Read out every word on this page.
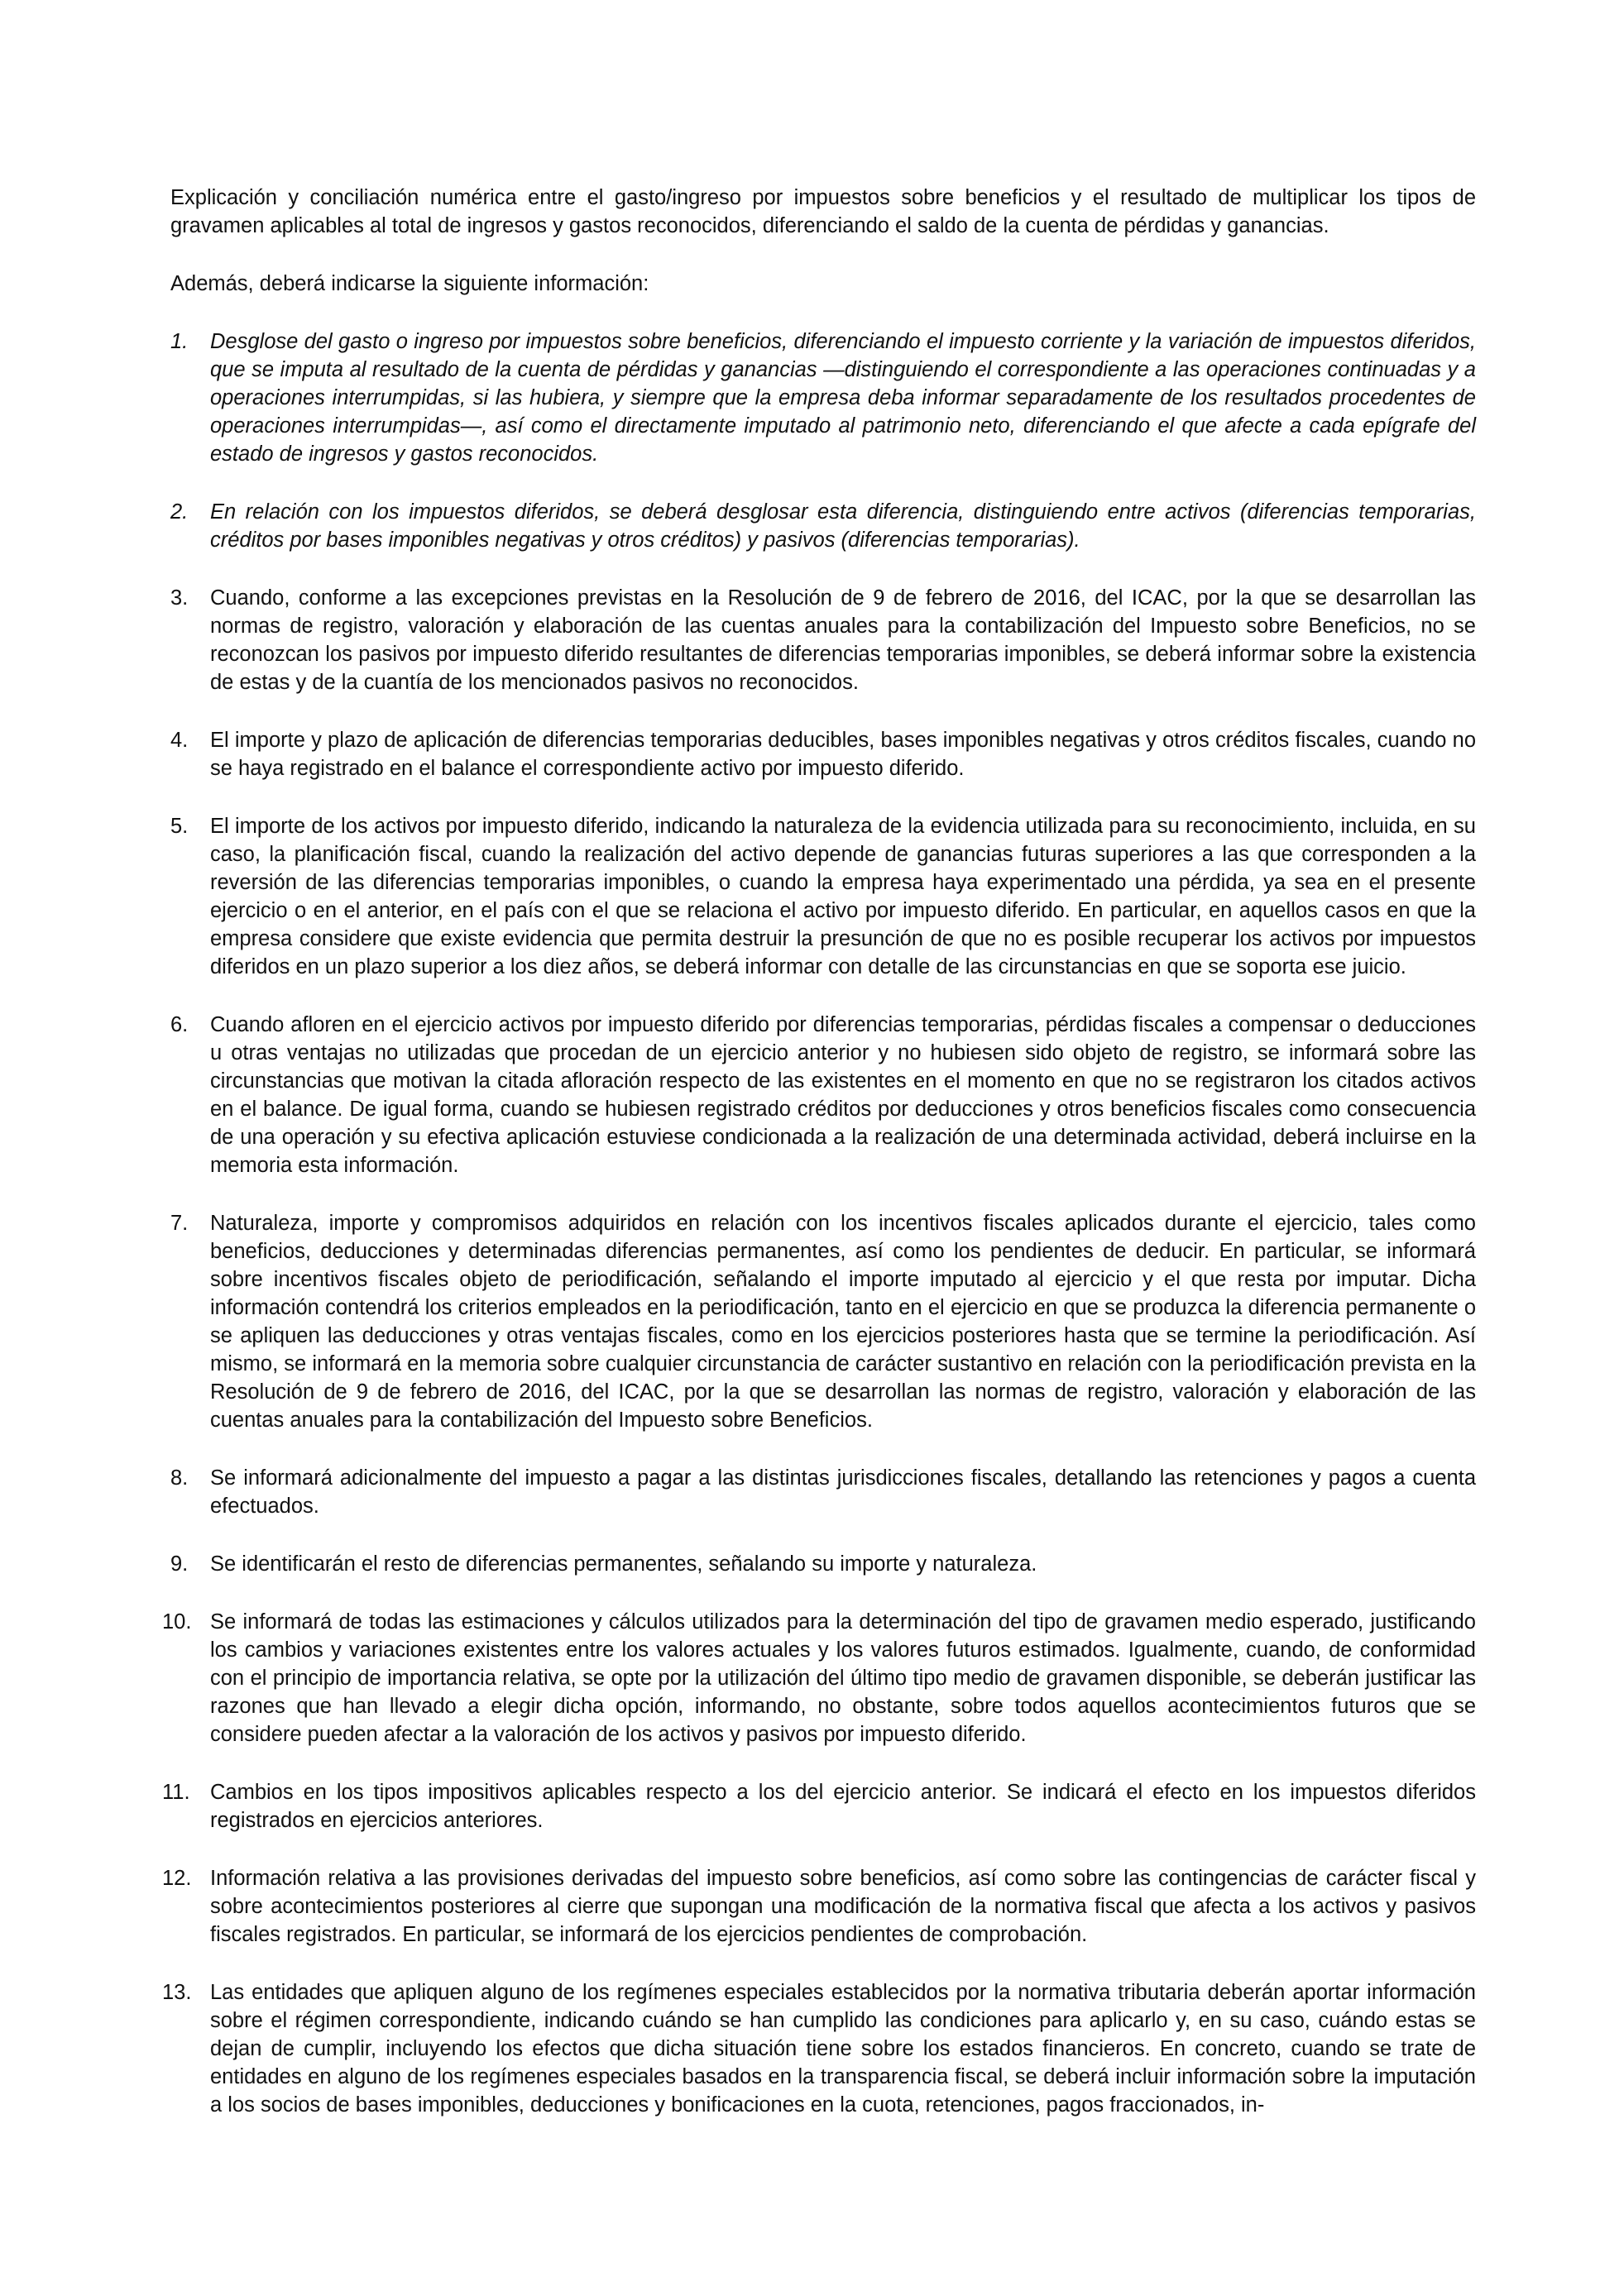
Explicación y conciliación numérica entre el gasto/ingreso por impuestos sobre beneficios y el resultado de multiplicar los tipos de gravamen aplicables al total de ingresos y gastos reconocidos, diferenciando el saldo de la cuenta de pérdidas y ganancias.

Además, deberá indicarse la siguiente información:

1.	Desglose del gasto o ingreso por impuestos sobre beneficios, diferenciando el impuesto corriente y la variación de impuestos diferidos, que se imputa al resultado de la cuenta de pérdidas y ganancias —distinguiendo el correspondiente a las operaciones continuadas y a operaciones interrumpidas, si las hubiera, y siempre que la empresa deba informar separadamente de los resultados procedentes de operaciones interrumpidas—, así como el directamente imputado al patrimonio neto, diferenciando el que afecte a cada epígrafe del estado de ingresos y gastos reconocidos.
2.	En relación con los impuestos diferidos, se deberá desglosar esta diferencia, distinguiendo entre activos (diferencias temporarias, créditos por bases imponibles negativas y otros créditos) y pasivos (diferencias temporarias).
3.	Cuando, conforme a las excepciones previstas en la Resolución de 9 de febrero de 2016, del ICAC, por la que se desarrollan las normas de registro, valoración y elaboración de las cuentas anuales para la contabilización del Impuesto sobre Beneficios, no se reconozcan los pasivos por impuesto diferido resultantes de diferencias temporarias imponibles, se deberá informar sobre la existencia de estas y de la cuantía de los mencionados pasivos no reconocidos.
4.	El importe y plazo de aplicación de diferencias temporarias deducibles, bases imponibles negativas y otros créditos fiscales, cuando no se haya registrado en el balance el correspondiente activo por impuesto diferido.
5.	El importe de los activos por impuesto diferido, indicando la naturaleza de la evidencia utilizada para su reconocimiento, incluida, en su caso, la planificación fiscal, cuando la realización del activo depende de ganancias futuras superiores a las que corresponden a la reversión de las diferencias temporarias imponibles, o cuando la empresa haya experimentado una pérdida, ya sea en el presente ejercicio o en el anterior, en el país con el que se relaciona el activo por impuesto diferido. En particular, en aquellos casos en que la empresa considere que existe evidencia que permita destruir la presunción de que no es posible recuperar los activos por impuestos diferidos en un plazo superior a los diez años, se deberá informar con detalle de las circunstancias en que se soporta ese juicio.
6.	Cuando afloren en el ejercicio activos por impuesto diferido por diferencias temporarias, pérdidas fiscales a compensar o deducciones u otras ventajas no utilizadas que procedan de un ejercicio anterior y no hubiesen sido objeto de registro, se informará sobre las circunstancias que motivan la citada afloración respecto de las existentes en el momento en que no se registraron los citados activos en el balance. De igual forma, cuando se hubiesen registrado créditos por deducciones y otros beneficios fiscales como consecuencia de una operación y su efectiva aplicación estuviese condicionada a la realización de una determinada actividad, deberá incluirse en la memoria esta información.
7.	Naturaleza, importe y compromisos adquiridos en relación con los incentivos fiscales aplicados durante el ejercicio, tales como beneficios, deducciones y determinadas diferencias permanentes, así como los pendientes de deducir. En particular, se informará sobre incentivos fiscales objeto de periodificación, señalando el importe imputado al ejercicio y el que resta por imputar. Dicha información contendrá los criterios empleados en la periodificación, tanto en el ejercicio en que se produzca la diferencia permanente o se apliquen las deducciones y otras ventajas fiscales, como en los ejercicios posteriores hasta que se termine la periodificación. Así mismo, se informará en la memoria sobre cualquier circunstancia de carácter sustantivo en relación con la periodificación prevista en la Resolución de 9 de febrero de 2016, del ICAC, por la que se desarrollan las normas de registro, valoración y elaboración de las cuentas anuales para la contabilización del Impuesto sobre Beneficios.
8.	Se informará adicionalmente del impuesto a pagar a las distintas jurisdicciones fiscales, detallando las retenciones y pagos a cuenta efectuados.
9.	Se identificarán el resto de diferencias permanentes, señalando su importe y naturaleza.
10. Se informará de todas las estimaciones y cálculos utilizados para la determinación del tipo de gravamen medio esperado, justificando los cambios y variaciones existentes entre los valores actuales y los valores futuros estimados. Igualmente, cuando, de conformidad con el principio de importancia relativa, se opte por la utilización del último tipo medio de gravamen disponible, se deberán justificar las razones que han llevado a elegir dicha opción, informando, no obstante, sobre todos aquellos acontecimientos futuros que se considere pueden afectar a la valoración de los activos y pasivos por impuesto diferido.
11. Cambios en los tipos impositivos aplicables respecto a los del ejercicio anterior. Se indicará el efecto en los impuestos diferidos registrados en ejercicios anteriores.
12. Información relativa a las provisiones derivadas del impuesto sobre beneficios, así como sobre las contingencias de carácter fiscal y sobre acontecimientos posteriores al cierre que supongan una modificación de la normativa fiscal que afecta a los activos y pasivos fiscales registrados. En particular, se informará de los ejercicios pendientes de comprobación.
13. Las entidades que apliquen alguno de los regímenes especiales establecidos por la normativa tributaria deberán aportar información sobre el régimen correspondiente, indicando cuándo se han cumplido las condiciones para aplicarlo y, en su caso, cuándo estas se dejan de cumplir, incluyendo los efectos que dicha situación tiene sobre los estados financieros. En concreto, cuando se trate de entidades en alguno de los regímenes especiales basados en la transparencia fiscal, se deberá incluir información sobre la imputación a los socios de bases imponibles, deducciones y bonificaciones en la cuota, retenciones, pagos fraccionados, in-
